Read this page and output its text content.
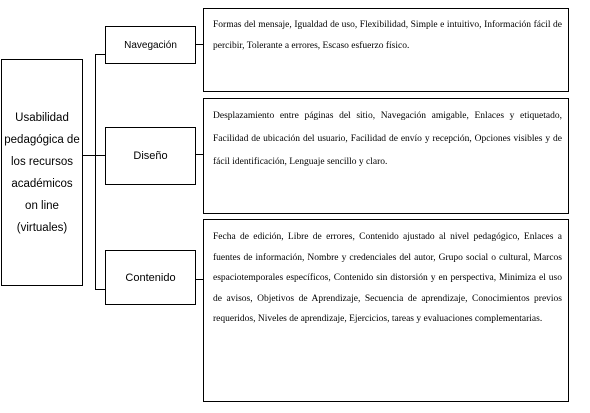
Usabilidad pedagógica de los recursos académicos on line (virtuales)
Navegación
Diseño
Contenido
Formas del mensaje, Igualdad de uso, Flexibilidad, Simple e intuitivo, Información fácil de percibir, Tolerante a errores, Escaso esfuerzo físico.
Desplazamiento entre páginas del sitio, Navegación amigable, Enlaces y etiquetado, Facilidad de ubicación del usuario, Facilidad de envío y recepción, Opciones visibles y de fácil identificación, Lenguaje sencillo y claro.
Fecha de edición, Libre de errores, Contenido ajustado al nivel pedagógico, Enlaces a fuentes de información, Nombre y credenciales del autor, Grupo social o cultural, Marcos espaciotemporales específicos, Contenido sin distorsión y en perspectiva, Minimiza el uso de avisos, Objetivos de Aprendizaje, Secuencia de aprendizaje, Conocimientos previos requeridos, Niveles de aprendizaje, Ejercicios, tareas y evaluaciones complementarias.
